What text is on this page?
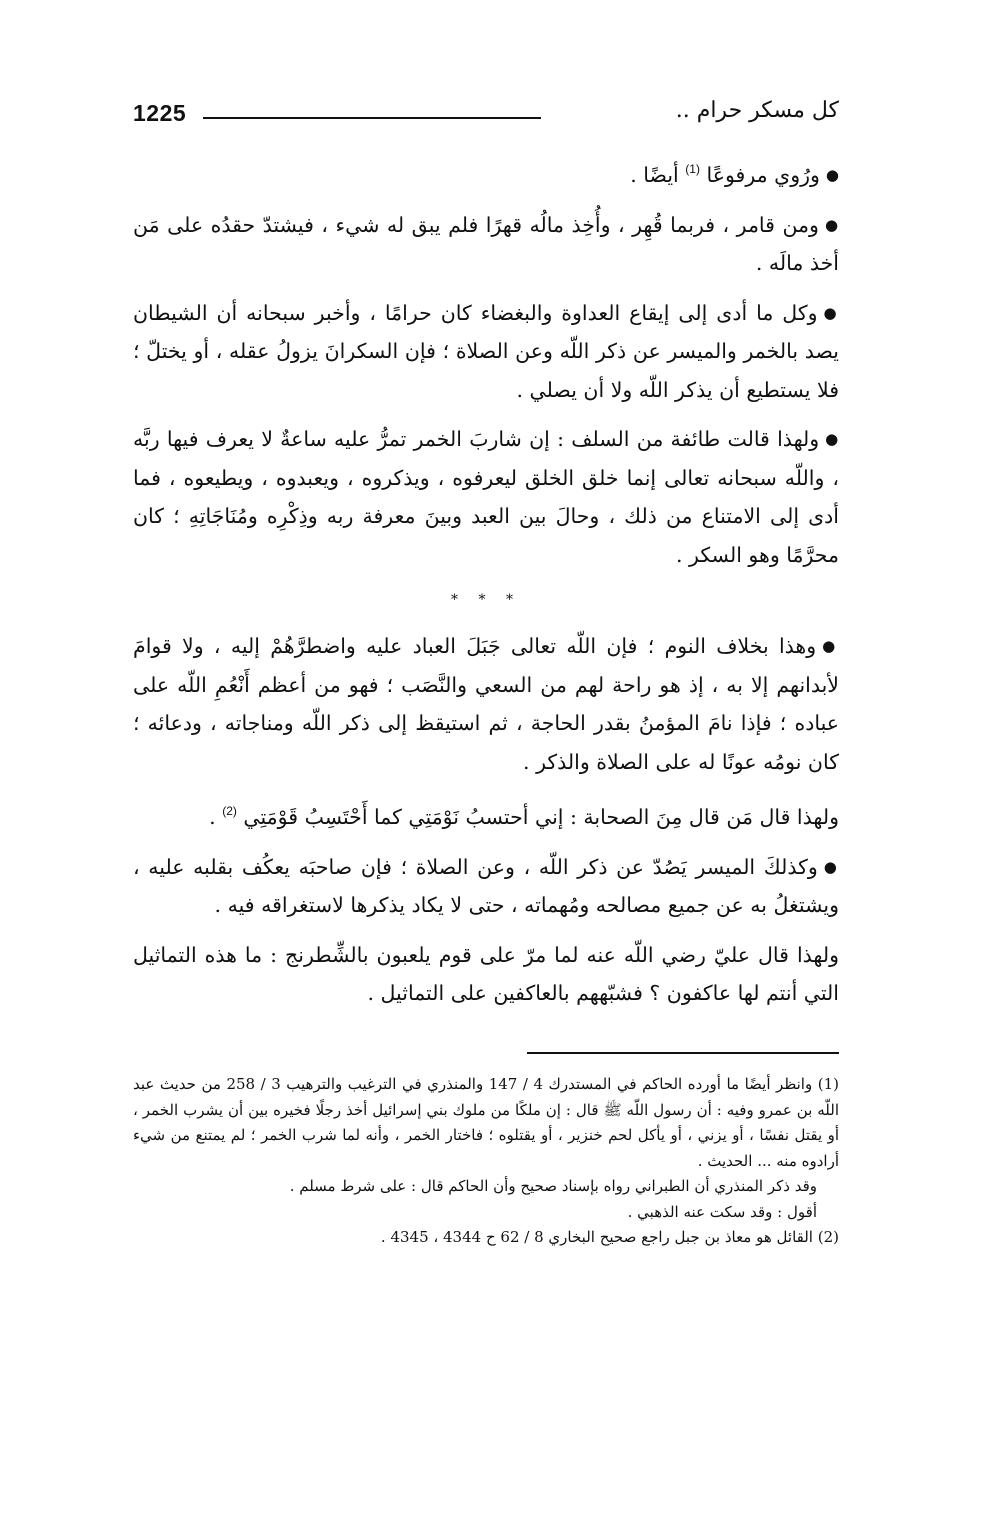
1225	كل مسكر حرام ..

●ورُوي مرفوعًا $^{(1)}$ أيضًا .

●ومن قامر ، فربما قُهِر ، وأُخِذ مالُه قهرًا فلم يبق له شيء ، فيشتدّ حقدُه على مَن أخذ مالَه .

●وكل ما أدى إلى إيقاع العداوة والبغضاء كان حرامًا ، وأخبر سبحانه أن الشيطان يصد بالخمر والميسر عن ذكر اللّه وعن الصلاة ؛ فإن السكرانَ يزولُ عقله ، أو يختلّ ؛ فلا يستطيع أن يذكر اللّه ولا أن يصلي .

●ولهذا قالت طائفة من السلف : إن شاربَ الخمر تمرُّ عليه ساعةٌ لا يعرف فيها ربَّه ، واللّه سبحانه تعالى إنما خلق الخلق ليعرفوه ، ويذكروه ، ويعبدوه ، ويطيعوه ، فما أدى إلى الامتناع من ذلك ، وحالَ بين العبد وبينَ معرفة ربه وذِكْرِه ومُنَاجَاتِهِ ؛ كان محرَّمًا وهو السكر .

* * *

●وهذا بخلاف النوم ؛ فإن اللّه تعالى جَبَلَ العباد عليه واضطرَّهُمْ إليه ، ولا قوامَ لأبدانهم إلا به ، إذ هو راحة لهم من السعي والنَّصَب ؛ فهو من أعظم أَنْعُمِ اللّه على عباده ؛ فإذا نامَ المؤمنُ بقدر الحاجة ، ثم استيقظ إلى ذكر اللّه ومناجاته ، ودعائه ؛ كان نومُه عونًا له على الصلاة والذكر .

ولهذا قال مَن قال مِنَ الصحابة : إني أحتسبُ نَوْمَتِي كما أَحْتَسِبُ قَوْمَتِي $^{(2)}$ .

●وكذلكَ الميسر يَصُدّ عن ذكر اللّه ، وعن الصلاة ؛ فإن صاحبَه يعكُف بقلبه عليه ، ويشتغلُ به عن جميع مصالحه ومُهماته ، حتى لا يكاد يذكرها لاستغراقه فيه .

ولهذا قال عليّ رضي اللّه عنه لما مرّ على قوم يلعبون بالشِّطرنج : ما هذه التماثيل التي أنتم لها عاكفون ؟ فشبّههم بالعاكفين على التماثيل .

(1) وانظر أيضًا ما أورده الحاكم في المستدرك 4 / 147 والمنذري في الترغيب والترهيب 3 / 258 من حديث عبد اللّه بن عمرو وفيه : أن رسول اللّه ﷺ قال : إن ملكًا من ملوك بني إسرائيل أخذ رجلًا فخيره بين أن يشرب الخمر ، أو يقتل نفسًا ، أو يزني ، أو يأكل لحم خنزير ، أو يقتلوه ؛ فاختار الخمر ، وأنه لما شرب الخمر ؛ لم يمتنع من شيء أرادوه منه ... الحديث .

وقد ذكر المنذري أن الطبراني رواه بإسناد صحيح وأن الحاكم قال : على شرط مسلم .

أقول : وقد سكت عنه الذهبي .

(2) القائل هو معاذ بن جبل راجع صحيح البخاري 8 / 62 ح 4344 ، 4345 .
